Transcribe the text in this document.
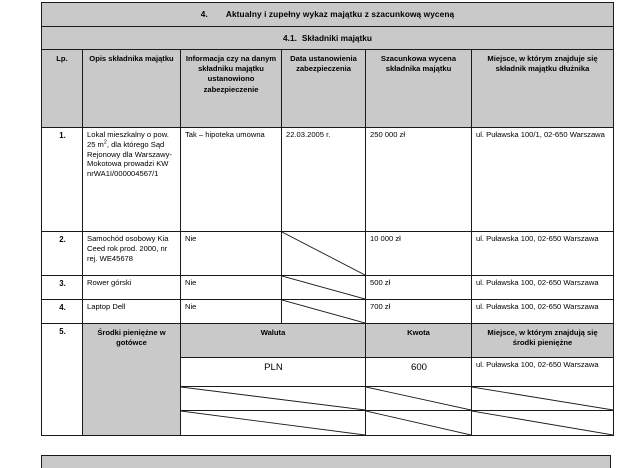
4. Aktualny i zupełny wykaz majątku z szacunkową wyceną					
4.1. Składniki majątku					
Lp.	Opis składnika majątku	Informacja czy na danym składniku majątku ustanowiono zabezpieczenie	Data ustanowienia zabezpieczenia	Szacunkowa wycena składnika majątku	Miejsce, w którym znajduje się składnik majątku dłużnika
1.	Lokal mieszkalny o pow. 25 $m^2$, dla którego Sąd Rejonowy dla Warszawy-Mokotowa prowadzi KW nrWA1I/000004567/1	Tak – hipoteka umowna	22.03.2005 r.	250 000 zł	ul. Puławska 100/1, 02-650 Warszawa
2.	Samochód osobowy Kia Ceed rok prod. 2000, nr rej. WE45678	Nie		10 000 zł	ul. Puławska 100, 02-650 Warszawa
3.	Rower górski	Nie		500 zł	ul. Puławska 100, 02-650 Warszawa
4.	Laptop Dell	Nie		700 zł	ul. Puławska 100, 02-650 Warszawa
5.	Środki pieniężne w gotówce	Waluta		Kwota	Miejsce, w którym znajdują się środki pieniężne
		PLN		600	ul. Puławska 100, 02-650 Warszawa
